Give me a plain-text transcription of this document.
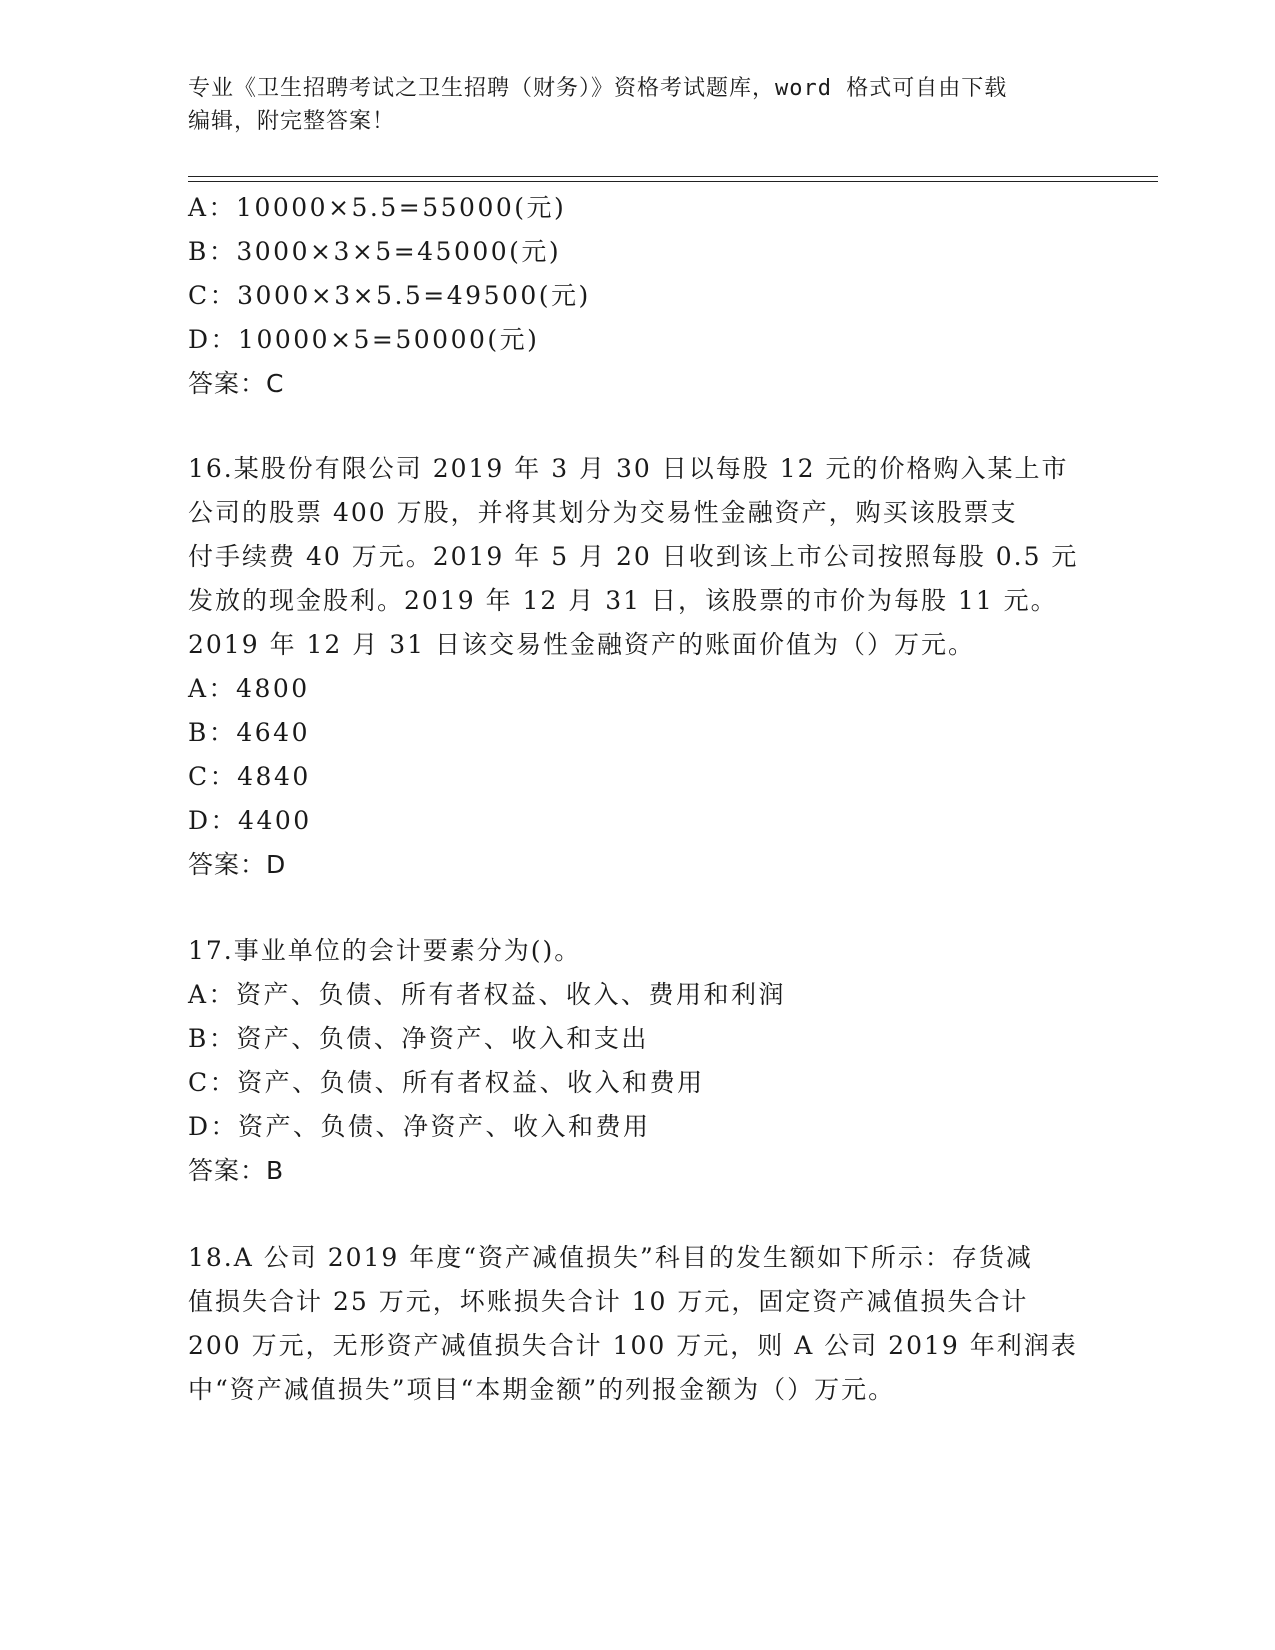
专业《卫生招聘考试之卫生招聘（财务）》资格考试题库，word 格式可自由下载
编辑，附完整答案！
A：10000×5.5=55000(元)
B：3000×3×5=45000(元)
C：3000×3×5.5=49500(元)
D：10000×5=50000(元)
答案：C
16.某股份有限公司 2019 年 3 月 30 日以每股 12 元的价格购入某上市
公司的股票 400 万股，并将其划分为交易性金融资产，购买该股票支
付手续费 40 万元。2019 年 5 月 20 日收到该上市公司按照每股 0.5 元
发放的现金股利。2019 年 12 月 31 日，该股票的市价为每股 11 元。
2019 年 12 月 31 日该交易性金融资产的账面价值为（）万元。
A：4800
B：4640
C：4840
D：4400
答案：D
17.事业单位的会计要素分为()。
A：资产、负债、所有者权益、收入、费用和利润
B：资产、负债、净资产、收入和支出
C：资产、负债、所有者权益、收入和费用
D：资产、负债、净资产、收入和费用
答案：B
18.A 公司 2019 年度“资产减值损失”科目的发生额如下所示：存货减
值损失合计 25 万元，坏账损失合计 10 万元，固定资产减值损失合计
200 万元，无形资产减值损失合计 100 万元，则 A 公司 2019 年利润表
中“资产减值损失”项目“本期金额”的列报金额为（）万元。
